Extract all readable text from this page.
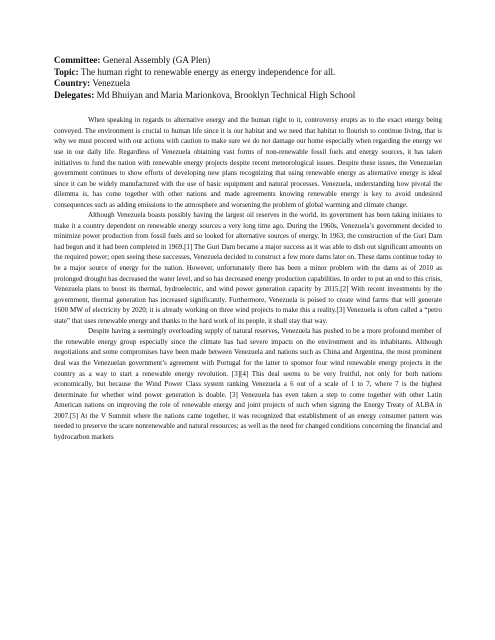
Committee: General Assembly (GA Plen)
Topic: The human right to renewable energy as energy independence for all.
Country: Venezuela
Delegates: Md Bhuiyan and Maria Marionkova, Brooklyn Technical High School

When speaking in regards to alternative energy and the human right to it, controversy erupts as to the exact energy being conveyed. The environment is crucial to human life since it is our habitat and we need that habitat to flourish to continue living, that is why we must proceed with our actions with caution to make sure we do not damage our home especially when regarding the energy we use in our daily life. Regardless of Venezuela obtaining vast forms of non-renewable fossil fuels and energy sources, it has taken initiatives to fund the nation with renewable energy projects despite recent meteorological issues. Despite these issues, the Venezuelan government continues to show efforts of developing new plans recognizing that using renewable energy as alternative energy is ideal since it can be widely manufactured with the use of basic equipment and natural processes. Venezuela, understanding how pivotal the dilemma is, has come together with other nations and made agreements knowing renewable energy is key to avoid undesired consequences such as adding emissions to the atmosphere and worsening the problem of global warming and climate change.

Although Venezuela boasts possibly having the largest oil reserves in the world, its government has been taking initiates to make it a country dependent on renewable energy sources a very long time ago. During the 1960s, Venezuela’s government decided to minimize power production from fossil fuels and so looked for alternative sources of energy. In 1963, the construction of the Guri Dam had begun and it had been completed in 1969.[1] The Guri Dam became a major success as it was able to dish out significant amounts on the required power; open seeing these successes, Venezuela decided to construct a few more dams later on. These dams continue today to be a major source of energy for the nation. However, unfortunately there has been a minor problem with the dams as of 2010 as prolonged drought has decreased the water level, and so has decreased energy production capabilities. In order to put an end to this crisis, Venezuela plans to boost its thermal, hydroelectric, and wind power generation capacity by 2015.[2] With recent investments by the government, thermal generation has increased significantly. Furthermore, Venezuela is poised to create wind farms that will generate 1600 MW of electricity by 2020; it is already working on three wind projects to make this a reality.[3] Venezuela is often called a “petro state” that uses renewable energy and thanks to the hard work of its people, it shall stay that way.

Despite having a seemingly overloading supply of natural reserves, Venezuela has pushed to be a more profound member of the renewable energy group especially since the climate has had severe impacts on the environment and its inhabitants. Although negotiations and some compromises have been made between Venezuela and nations such as China and Argentina, the most prominent deal was the Venezuelan government’s agreement with Portugal for the latter to sponsor four wind renewable energy projects in the country as a way to start a renewable energy revolution. [3][4] This deal seems to be very fruitful, not only for both nations economically, but because the Wind Power Class system ranking Venezuela a 6 out of a scale of 1 to 7, where 7 is the highest determinate for whether wind power generation is doable. [3] Venezuela has even taken a step to come together with other Latin American nations on improving the role of renewable energy and joint projects of such when signing the Energy Treaty of ALBA in 2007.[5] At the V Summit where the nations came together, it was recognized that establishment of an energy consumer pattern was needed to preserve the scare nonrenewable and natural resources; as well as the need for changed conditions concerning the financial and hydrocarbon markets
